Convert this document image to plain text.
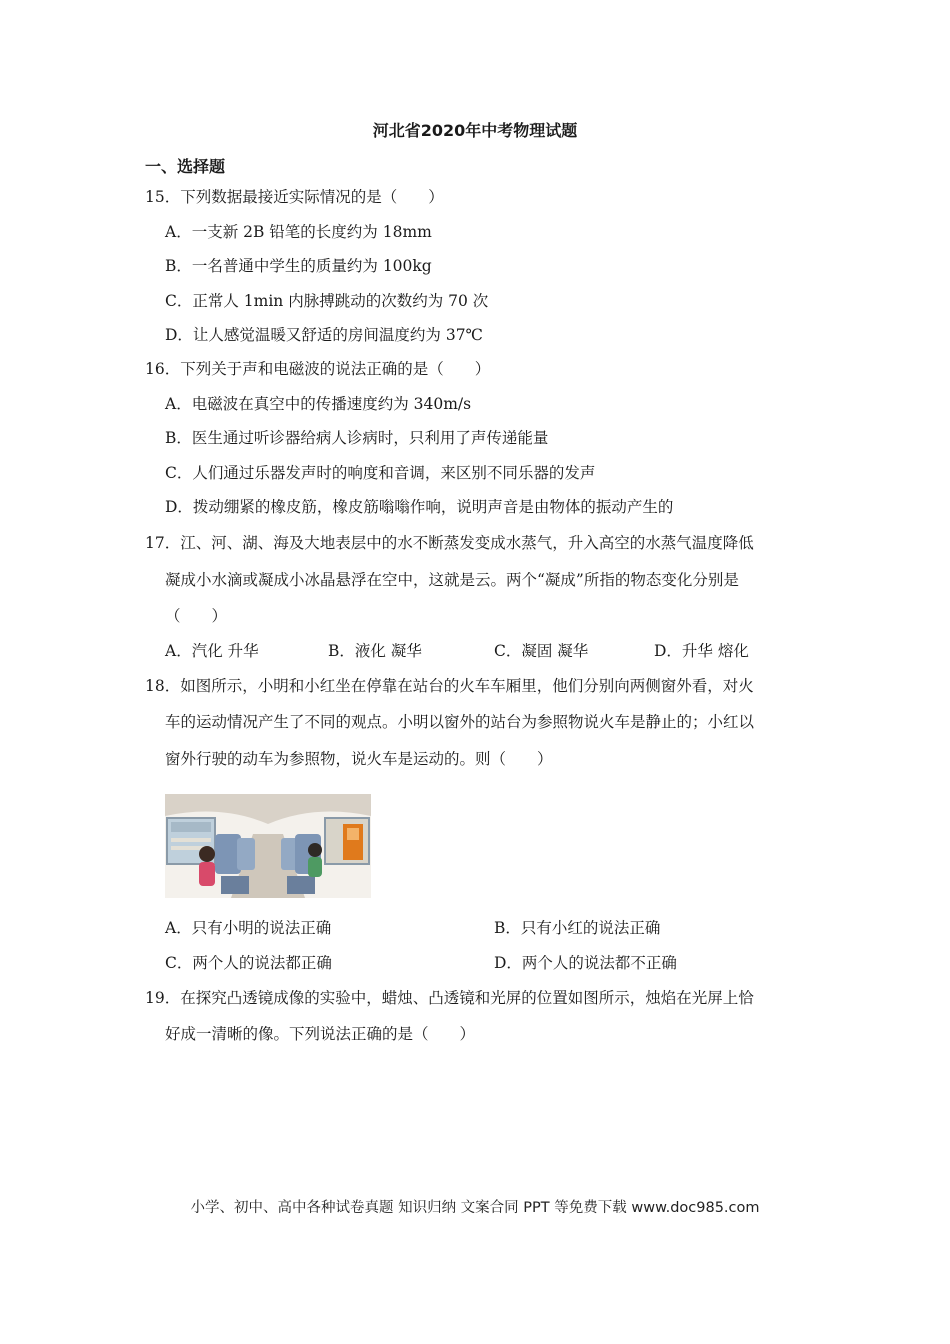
河北省2020年中考物理试题
一、选择题
15．下列数据最接近实际情况的是（　　）
A．一支新 2B 铅笔的长度约为 18mm
B．一名普通中学生的质量约为 100kg
C．正常人 1min 内脉搏跳动的次数约为 70 次
D．让人感觉温暖又舒适的房间温度约为 37℃
16．下列关于声和电磁波的说法正确的是（　　）
A．电磁波在真空中的传播速度约为 340m/s
B．医生通过听诊器给病人诊病时，只利用了声传递能量
C．人们通过乐器发声时的响度和音调，来区别不同乐器的发声
D．拨动绷紧的橡皮筋，橡皮筋嗡嗡作响，说明声音是由物体的振动产生的
17．江、河、湖、海及大地表层中的水不断蒸发变成水蒸气，升入高空的水蒸气温度降低
凝成小水滴或凝成小冰晶悬浮在空中，这就是云。两个“凝成”所指的物态变化分别是
（　　）
A．汽化 升华	B．液化 凝华	C．凝固 凝华	D．升华 熔化
18．如图所示，小明和小红坐在停靠在站台的火车车厢里，他们分别向两侧窗外看，对火
车的运动情况产生了不同的观点。小明以窗外的站台为参照物说火车是静止的；小红以
窗外行驶的动车为参照物，说火车是运动的。则（　　）
A．只有小明的说法正确	B．只有小红的说法正确
C．两个人的说法都正确	D．两个人的说法都不正确
19．在探究凸透镜成像的实验中，蜡烛、凸透镜和光屏的位置如图所示，烛焰在光屏上恰
好成一清晰的像。下列说法正确的是（　　）
小学、初中、高中各种试卷真题 知识归纳 文案合同 PPT 等免费下载 www.doc985.com
